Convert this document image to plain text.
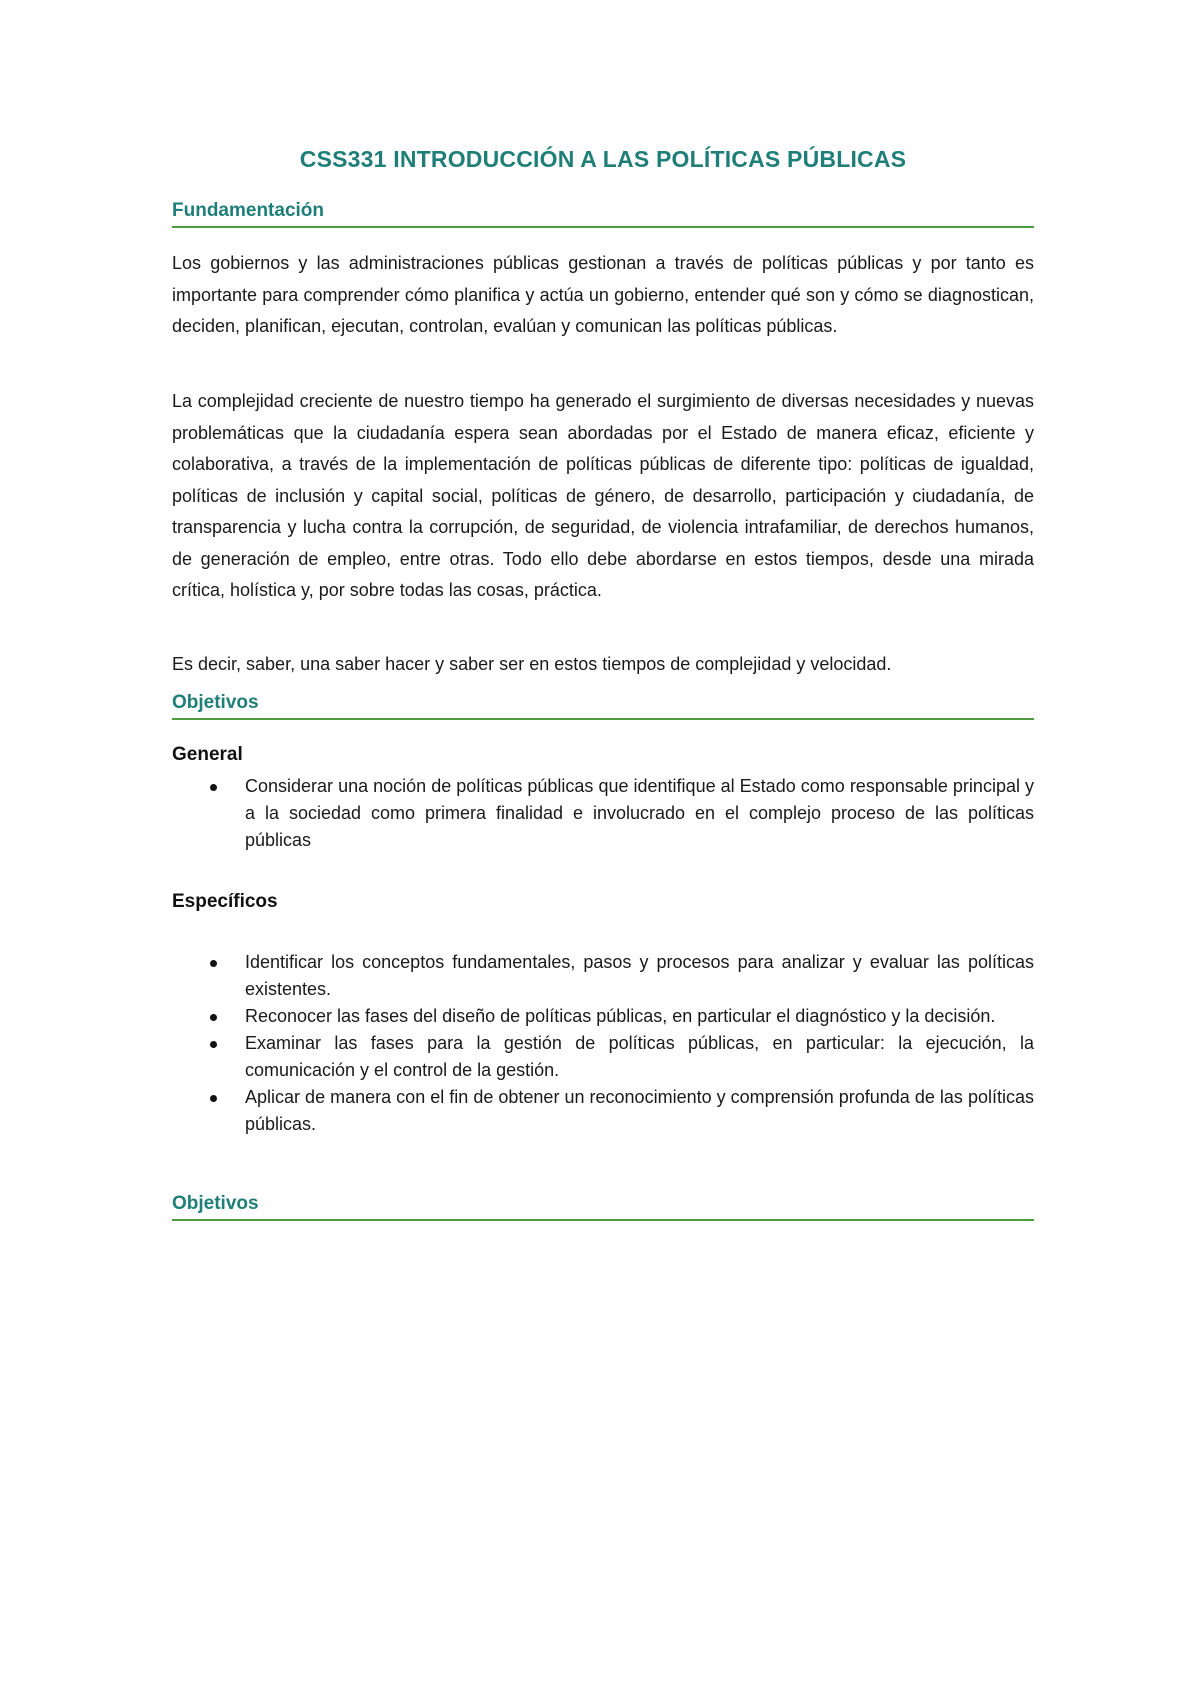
CSS331 INTRODUCCIÓN A LAS POLÍTICAS PÚBLICAS
Fundamentación

Los gobiernos y las administraciones públicas gestionan a través de políticas públicas y por tanto es importante para comprender cómo planifica y actúa un gobierno, entender qué son y cómo se diagnostican, deciden, planifican, ejecutan, controlan, evalúan y comunican las políticas públicas.

La complejidad creciente de nuestro tiempo ha generado el surgimiento de diversas necesidades y nuevas problemáticas que la ciudadanía espera sean abordadas por el Estado de manera eficaz, eficiente y colaborativa, a través de la implementación de políticas públicas de diferente tipo: políticas de igualdad, políticas de inclusión y capital social, políticas de género, de desarrollo, participación y ciudadanía, de transparencia y lucha contra la corrupción, de seguridad, de violencia intrafamiliar, de derechos humanos, de generación de empleo, entre otras. Todo ello debe abordarse en estos tiempos, desde una mirada crítica, holística y, por sobre todas las cosas, práctica.

Es decir, saber, una saber hacer y saber ser en estos tiempos de complejidad y velocidad.

Objetivos
General
Considerar una noción de políticas públicas que identifique al Estado como responsable principal y a la sociedad como primera finalidad e involucrado en el complejo proceso de las políticas públicas
Específicos
Identificar los conceptos fundamentales, pasos y procesos para analizar y evaluar las políticas existentes.
Reconocer las fases del diseño de políticas públicas, en particular el diagnóstico y la decisión.
Examinar las fases para la gestión de políticas públicas, en particular: la ejecución, la comunicación y el control de la gestión.
Aplicar de manera con el fin de obtener un reconocimiento y comprensión profunda de las políticas públicas.
Objetivos
